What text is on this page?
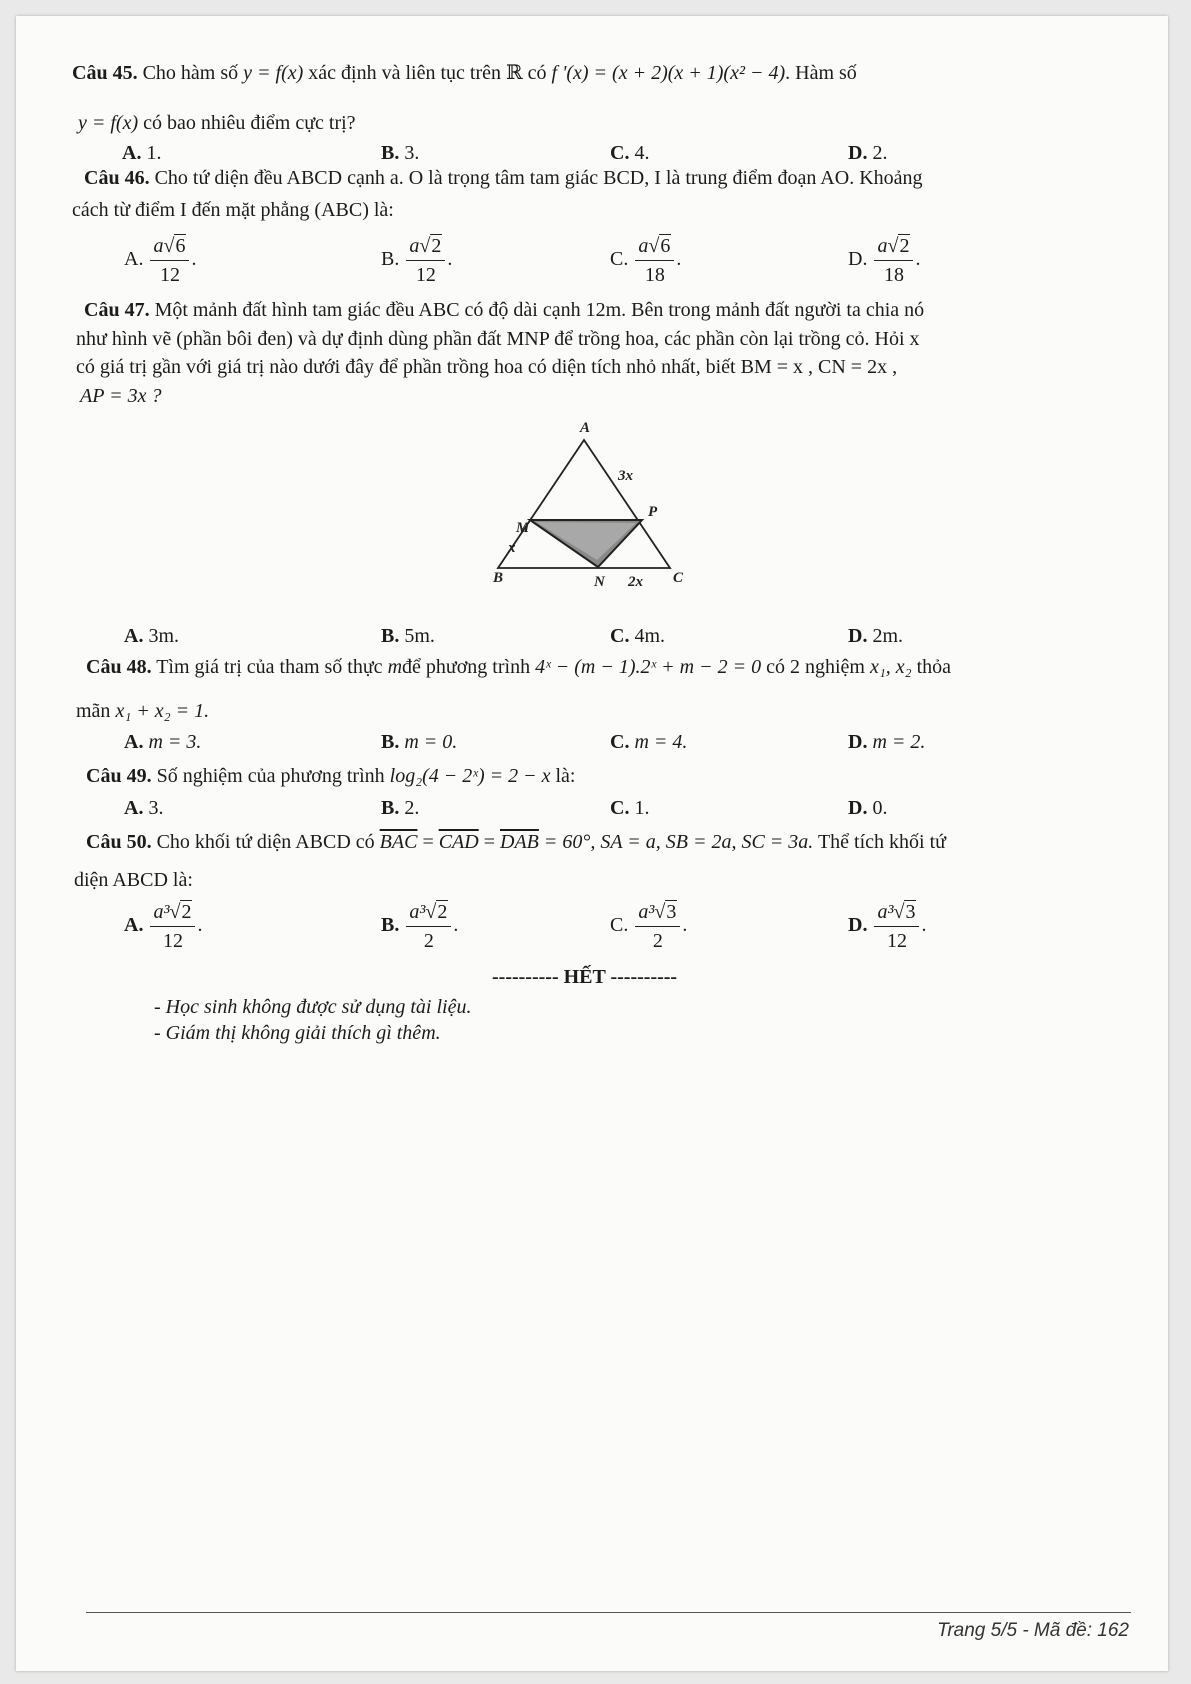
Câu 45. Cho hàm số y = f(x) xác định và liên tục trên ℝ có f '(x) = (x + 2)(x + 1)(x² − 4). Hàm số
y = f(x) có bao nhiêu điểm cực trị?
A. 1.	B. 3.	C. 4.	D. 2.
Câu 46. Cho tứ diện đều ABCD cạnh a. O là trọng tâm tam giác BCD, I là trung điểm đoạn AO. Khoảng
cách từ điểm I đến mặt phẳng (ABC) là:
A. $\frac{a√6}{12}$ .	B. $\frac{a√2}{12}$ .	C. $\frac{a√6}{18}$ .	D. $\frac{a√2}{18}$ .
Câu 47. Một mảnh đất hình tam giác đều ABC có độ dài cạnh 12m. Bên trong mảnh đất người ta chia nó
như hình vẽ (phần bôi đen) và dự định dùng phần đất MNP để trồng hoa, các phần còn lại trồng cỏ. Hỏi x
có giá trị gần với giá trị nào dưới đây để phần trồng hoa có diện tích nhỏ nhất, biết BM = x , CN = 2x ,
AP = 3x ?
A
3x
P
M
x
B	N 2x C
A. 3m.	B. 5m.	C. 4m.	D. 2m.
Câu 48. Tìm giá trị của tham số thực mđể phương trình 4ˣ − (m − 1).2ˣ + m − 2 = 0 có 2 nghiệm x₁, x₂ thỏa
mãn x₁ + x₂ = 1.
A. m = 3.	B. m = 0.	C. m = 4.	D. m = 2.
Câu 49. Số nghiệm của phương trình log₂(4 − 2ˣ) = 2 − x là:
A. 3.	B. 2.	C. 1.	D. 0.
Câu 50. Cho khối tứ diện ABCD có $\overline{BAC} = \overline{CAD} = \overline{DAB} = 60^\circ$, SA = a, SB = 2a, SC = 3a. Thể tích khối tứ
diện ABCD là:
A. $\frac{\text{a³√2}}{12}$ .	B. $\frac{\text{a³√2}}{2}$ .	C. $\frac{\text{a³√3}}{2}$ .	D. $\frac{\text{a³√3}}{12}$ .
---------- HẾT ----------
- Học sinh không được sử dụng tài liệu.
- Giám thị không giải thích gì thêm.
Trang 5/5 - Mã đề: 162
